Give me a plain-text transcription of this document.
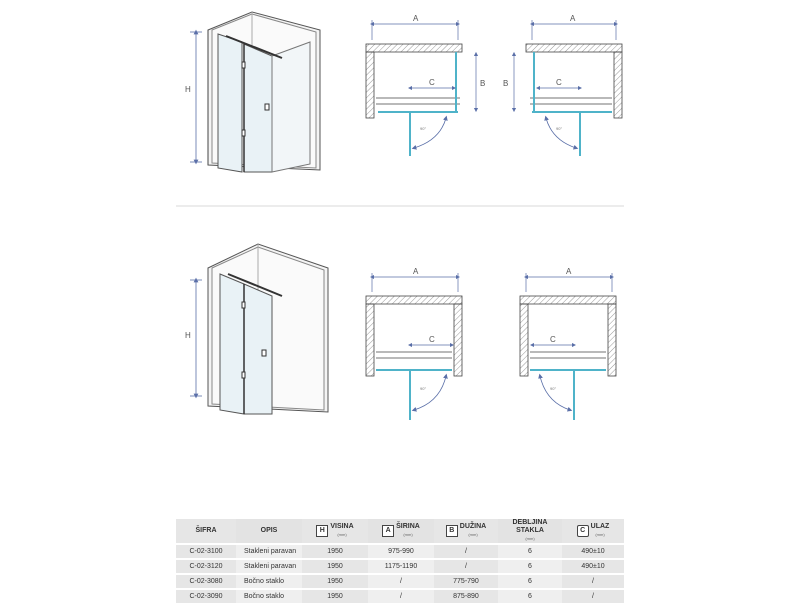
H
A
C	B
90°
A
C
B
90°
H
A
C
90°
A
C
90°
ŠIFRA	OPIS	H
VISINA
(mm)	A
ŠIRINA
(mm)	B
DUŽINA
(mm)	DEBLJINA STAKLA
(mm)	C
ULAZ
(mm)

C-02-3100	Stakleni paravan	1950	975-990	/	6	490±10
C-02-3120	Stakleni paravan	1950	1175-1190	/	6	490±10
C-02-3080	Bočno staklo	1950	/	775-790	6	/
C-02-3090	Bočno staklo	1950	/	875-890	6	/
